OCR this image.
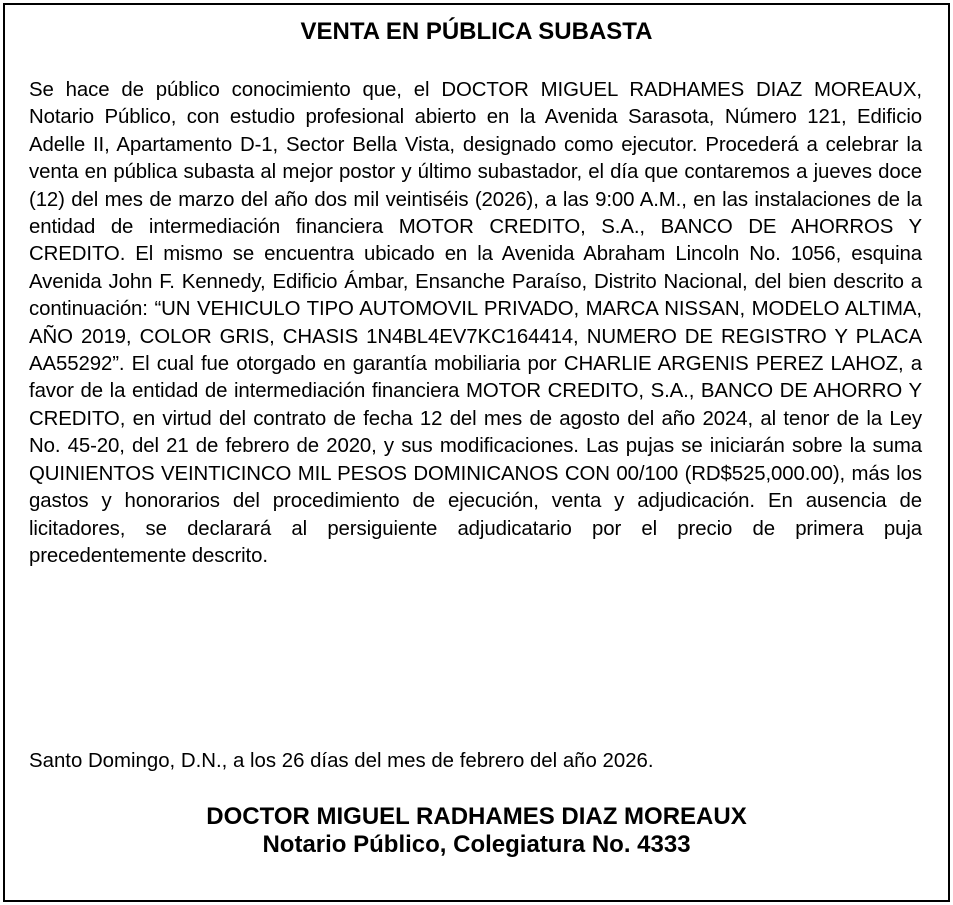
VENTA EN PÚBLICA SUBASTA

Se hace de público conocimiento que, el DOCTOR MIGUEL RADHAMES DIAZ MOREAUX, Notario Público, con estudio profesional abierto en la Avenida Sarasota, Número 121, Edificio Adelle II, Apartamento D-1, Sector Bella Vista, designado como ejecutor. Procederá a celebrar la venta en pública subasta al mejor postor y último subastador, el día que contaremos a jueves doce (12) del mes de marzo del año dos mil veintiséis (2026), a las 9:00 A.M., en las instalaciones de la entidad de intermediación financiera MOTOR CREDITO, S.A., BANCO DE AHORROS Y CREDITO. El mismo se encuentra ubicado en la Avenida Abraham Lincoln No. 1056, esquina Avenida John F. Kennedy, Edificio Ámbar, Ensanche Paraíso, Distrito Nacional, del bien descrito a continuación: “UN VEHICULO TIPO AUTOMOVIL PRIVADO, MARCA NISSAN, MODELO ALTIMA, AÑO 2019, COLOR GRIS, CHASIS 1N4BL4EV7KC164414, NUMERO DE REGISTRO Y PLACA AA55292”. El cual fue otorgado en garantía mobiliaria por CHARLIE ARGENIS PEREZ LAHOZ, a favor de la entidad de intermediación financiera MOTOR CREDITO, S.A., BANCO DE AHORRO Y CREDITO, en virtud del contrato de fecha 12 del mes de agosto del año 2024, al tenor de la Ley No. 45-20, del 21 de febrero de 2020, y sus modificaciones. Las pujas se iniciarán sobre la suma QUINIENTOS VEINTICINCO MIL PESOS DOMINICANOS CON 00/100 (RD$525,000.00), más los gastos y honorarios del procedimiento de ejecución, venta y adjudicación. En ausencia de licitadores, se declarará al persiguiente adjudicatario por el precio de primera puja precedentemente descrito.

Santo Domingo, D.N., a los 26 días del mes de febrero del año 2026.

DOCTOR MIGUEL RADHAMES DIAZ MOREAUX
Notario Público, Colegiatura No. 4333
